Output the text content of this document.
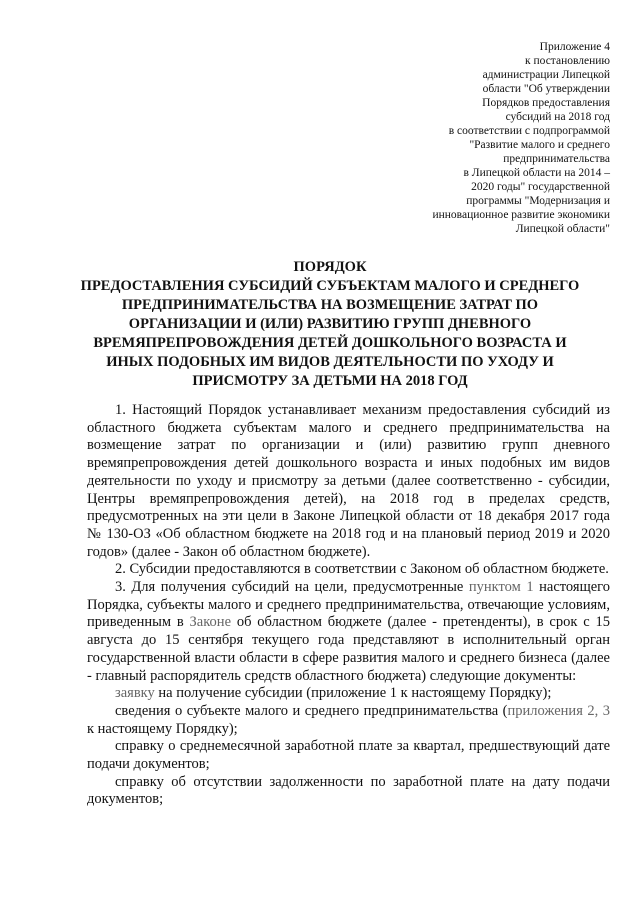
Приложение 4
к постановлению
администрации Липецкой
области "Об утверждении
Порядков предоставления
субсидий на 2018 год
в соответствии с подпрограммой
"Развитие малого и среднего
предпринимательства
в Липецкой области на 2014 –
2020 годы" государственной
программы "Модернизация и
инновационное развитие экономики
Липецкой области"
ПОРЯДОК
ПРЕДОСТАВЛЕНИЯ СУБСИДИЙ СУБЪЕКТАМ МАЛОГО И СРЕДНЕГО
ПРЕДПРИНИМАТЕЛЬСТВА НА ВОЗМЕЩЕНИЕ ЗАТРАТ ПО
ОРГАНИЗАЦИИ И (ИЛИ) РАЗВИТИЮ ГРУПП ДНЕВНОГО
ВРЕМЯПРЕПРОВОЖДЕНИЯ ДЕТЕЙ ДОШКОЛЬНОГО ВОЗРАСТА И
ИНЫХ ПОДОБНЫХ ИМ ВИДОВ ДЕЯТЕЛЬНОСТИ ПО УХОДУ И
ПРИСМОТРУ ЗА ДЕТЬМИ НА 2018 ГОД

1. Настоящий Порядок устанавливает механизм предоставления субсидий из областного бюджета субъектам малого и среднего предпринимательства на возмещение затрат по организации и (или) развитию групп дневного времяпрепровождения детей дошкольного возраста и иных подобных им видов деятельности по уходу и присмотру за детьми (далее соответственно - субсидии, Центры времяпрепровождения детей), на 2018 год в пределах средств, предусмотренных на эти цели в Законе Липецкой области от 18 декабря 2017 года № 130-ОЗ «Об областном бюджете на 2018 год и на плановый период 2019 и 2020 годов» (далее - Закон об областном бюджете).

2. Субсидии предоставляются в соответствии с Законом об областном бюджете.

3. Для получения субсидий на цели, предусмотренные пунктом 1 настоящего Порядка, субъекты малого и среднего предпринимательства, отвечающие условиям, приведенным в Законе об областном бюджете (далее - претенденты), в срок с 15 августа до 15 сентября текущего года представляют в исполнительный орган государственной власти области в сфере развития малого и среднего бизнеса (далее - главный распорядитель средств областного бюджета) следующие документы:

заявку на получение субсидии (приложение 1 к настоящему Порядку);

сведения о субъекте малого и среднего предпринимательства (приложения 2, 3 к настоящему Порядку);

справку о среднемесячной заработной плате за квартал, предшествующий дате подачи документов;

справку об отсутствии задолженности по заработной плате на дату подачи документов;
